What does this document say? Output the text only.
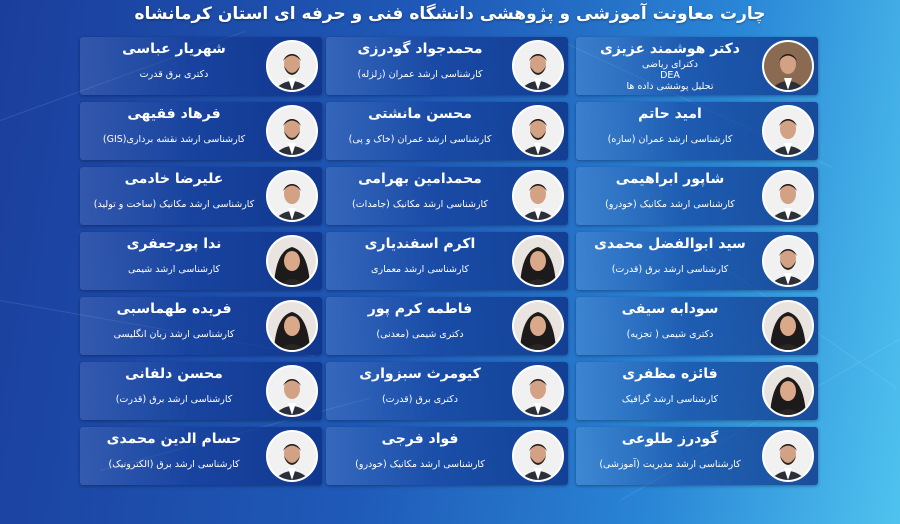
چارت معاونت آموزشی و پژوهشی دانشگاه فنی و حرفه ای استان کرمانشاه
دکتر هوشمند عزیزی
دکترای ریاضی
DEA
تحلیل پوششی داده ها
محمدجواد گودرزی
کارشناسی ارشد عمران (زلزله)
شهریار عباسی
دکتری برق قدرت
امید حاتم
کارشناسی ارشد عمران (سازه)
محسن مانشتی
کارشناسی ارشد عمران (خاک و پی)
فرهاد فقیهی
کارشناسی ارشد نقشه برداری(GIS)
شاپور ابراهیمی
کارشناسی ارشد مکانیک (خودرو)
محمدامین بهرامی
کارشناسی ارشد مکانیک (جامدات)
علیرضا خادمی
کارشناسی ارشد مکانیک (ساخت و تولید)
سید ابوالفضل محمدی
کارشناسی ارشد برق (قدرت)
اکرم اسفندیاری
کارشناسی ارشد معماری
ندا پورجعفری
کارشناسی ارشد شیمی
سودابه سیفی
دکتری شیمی ( تجزیه)
فاطمه کرم پور
دکتری شیمی (معدنی)
فریده طهماسبی
کارشناسی ارشد زبان انگلیسی
فائزه مظفری
کارشناسی ارشد گرافیک
کیومرث سبزواری
دکتری برق (قدرت)
محسن دلفانی
کارشناسی ارشد برق (قدرت)
گودرز طلوعی
کارشناسی ارشد مدیریت (آموزشی)
فواد فرجی
کارشناسی ارشد مکانیک (خودرو)
حسام الدین محمدی
کارشناسی ارشد برق (الکترونیک)
